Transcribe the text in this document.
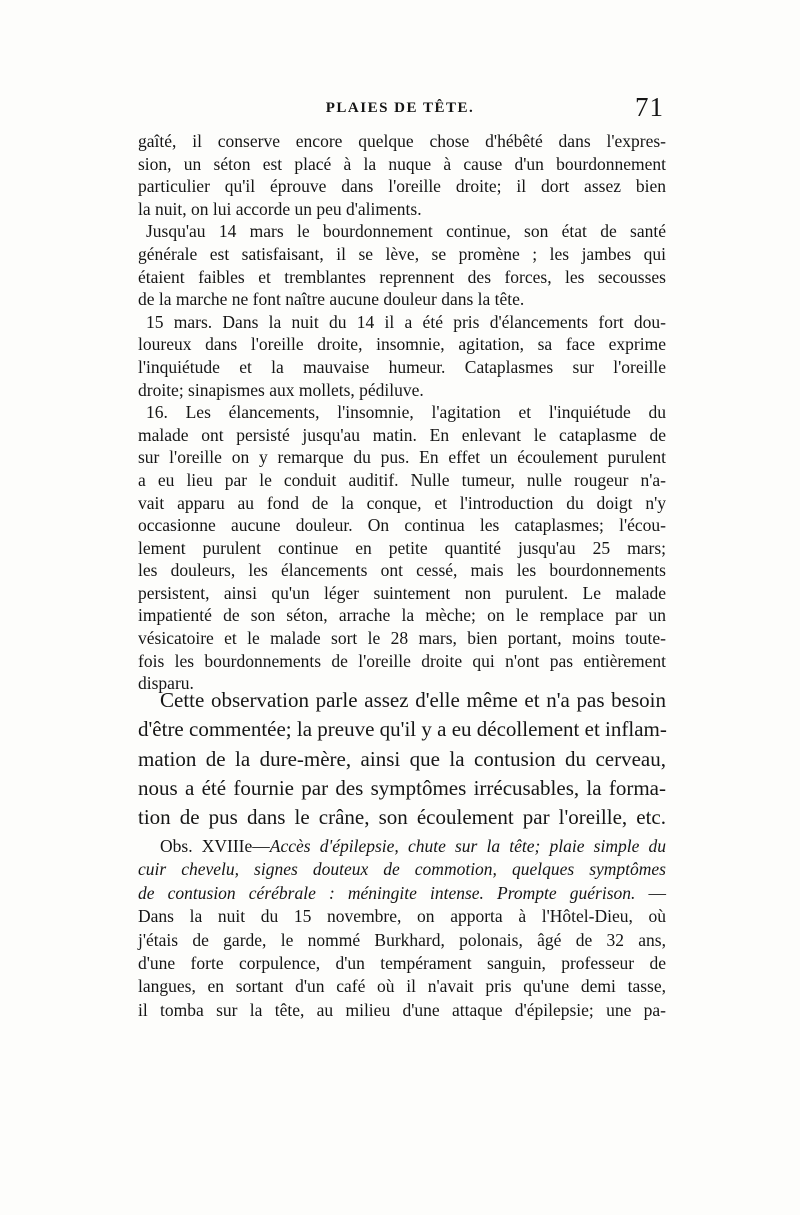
PLAIES DE TÊTE.	71
gaîté, il conserve encore quelque chose d'hébêté dans l'expres-
sion, un séton est placé à la nuque à cause d'un bourdonnement
particulier qu'il éprouve dans l'oreille droite; il dort assez bien
la nuit, on lui accorde un peu d'aliments.
Jusqu'au 14 mars le bourdonnement continue, son état de santé
générale est satisfaisant, il se lève, se promène ; les jambes qui
étaient faibles et tremblantes reprennent des forces, les secousses
de la marche ne font naître aucune douleur dans la tête.
15 mars. Dans la nuit du 14 il a été pris d'élancements fort dou-
loureux dans l'oreille droite, insomnie, agitation, sa face exprime
l'inquiétude et la mauvaise humeur. Cataplasmes sur l'oreille
droite; sinapismes aux mollets, pédiluve.
16. Les élancements, l'insomnie, l'agitation et l'inquiétude du
malade ont persisté jusqu'au matin. En enlevant le cataplasme de
sur l'oreille on y remarque du pus. En effet un écoulement purulent
a eu lieu par le conduit auditif. Nulle tumeur, nulle rougeur n'a-
vait apparu au fond de la conque, et l'introduction du doigt n'y
occasionne aucune douleur. On continua les cataplasmes; l'écou-
lement purulent continue en petite quantité jusqu'au 25 mars;
les douleurs, les élancements ont cessé, mais les bourdonnements
persistent, ainsi qu'un léger suintement non purulent. Le malade
impatienté de son séton, arrache la mèche; on le remplace par un
vésicatoire et le malade sort le 28 mars, bien portant, moins toute-
fois les bourdonnements de l'oreille droite qui n'ont pas entièrement
disparu.
Cette observation parle assez d'elle même et n'a pas besoin
d'être commentée; la preuve qu'il y a eu décollement et inflam-
mation de la dure-mère, ainsi que la contusion du cerveau,
nous a été fournie par des symptômes irrécusables, la forma-
tion de pus dans le crâne, son écoulement par l'oreille, etc.
Obs. XVIIIe—Accès d'épilepsie, chute sur la tête; plaie simple du
cuir chevelu, signes douteux de commotion, quelques symptômes
de contusion cérébrale : méningite intense. Prompte guérison. —
Dans la nuit du 15 novembre, on apporta à l'Hôtel-Dieu, où
j'étais de garde, le nommé Burkhard, polonais, âgé de 32 ans,
d'une forte corpulence, d'un tempérament sanguin, professeur de
langues, en sortant d'un café où il n'avait pris qu'une demi tasse,
il tomba sur la tête, au milieu d'une attaque d'épilepsie; une pa-
